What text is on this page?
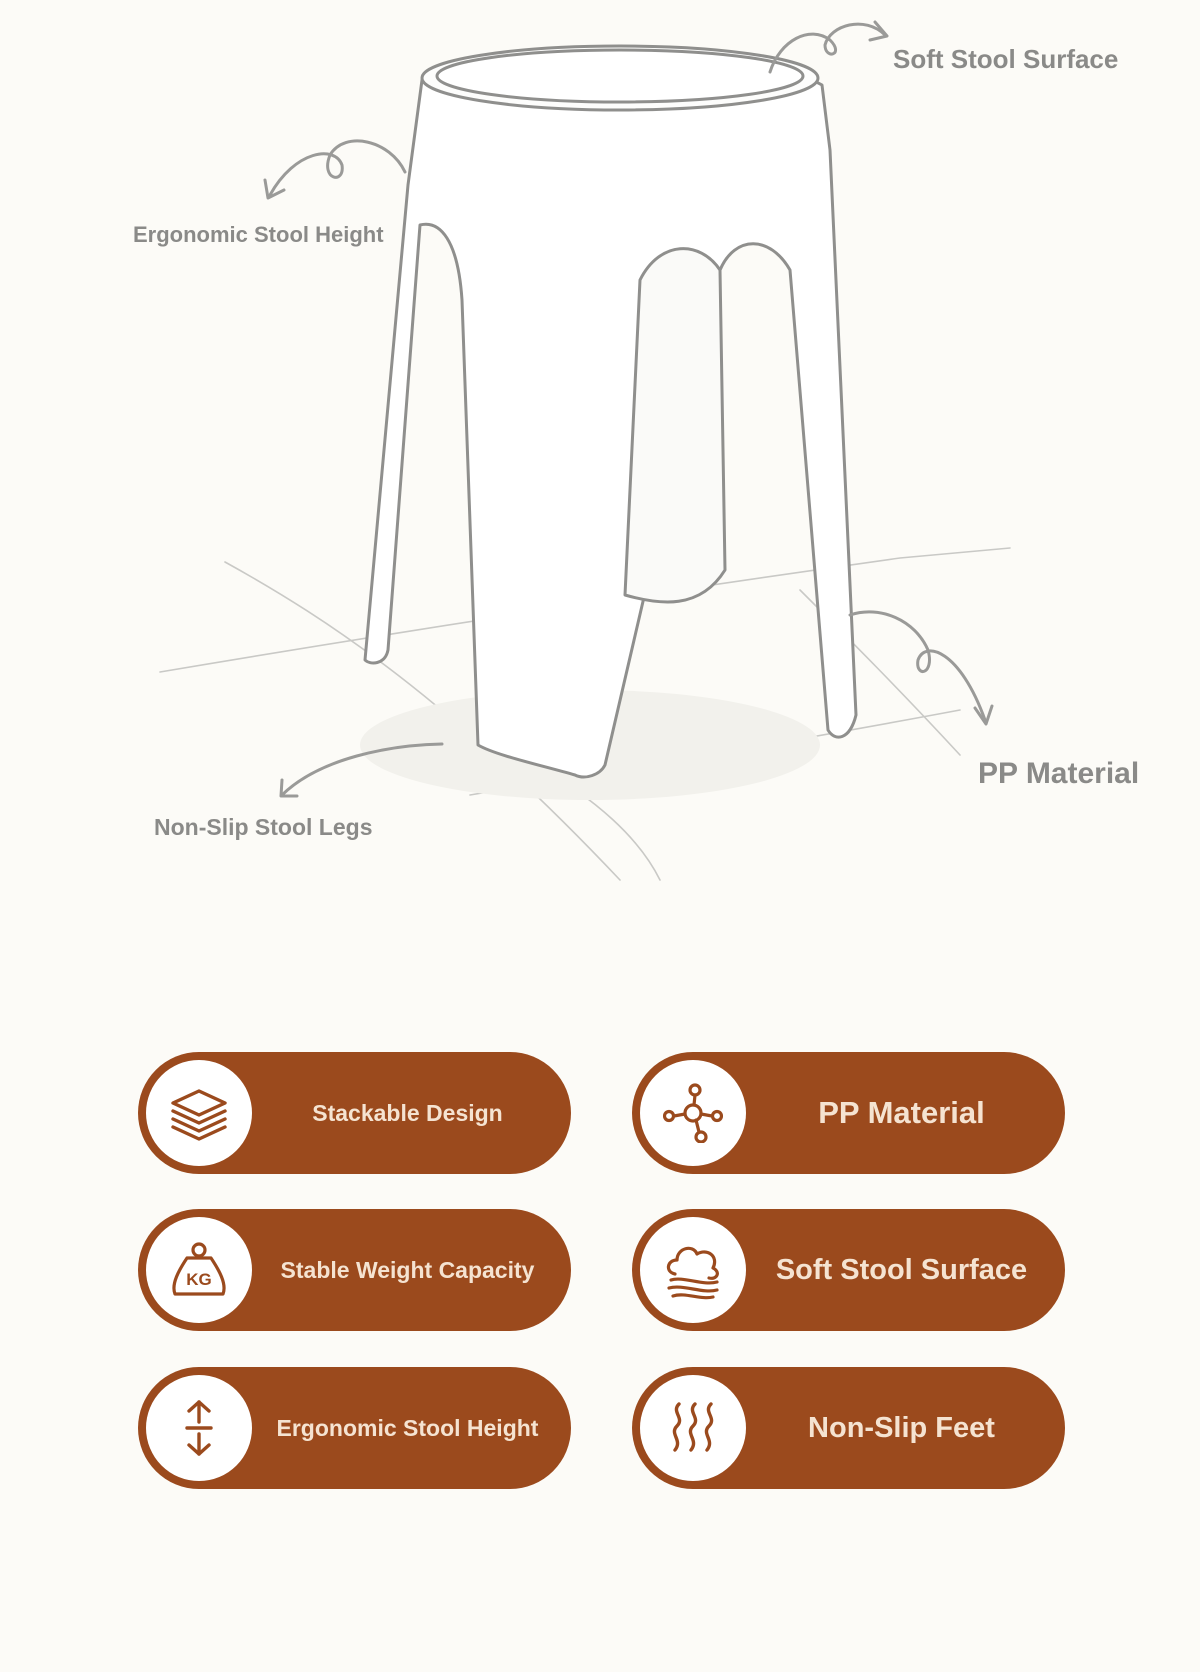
Soft Stool Surface
Ergonomic Stool Height
PP Material
Non-Slip Stool Legs
Stackable Design	PP Material
KG	Stable Weight Capacity	Soft Stool Surface
Ergonomic Stool Height	Non-Slip Feet
